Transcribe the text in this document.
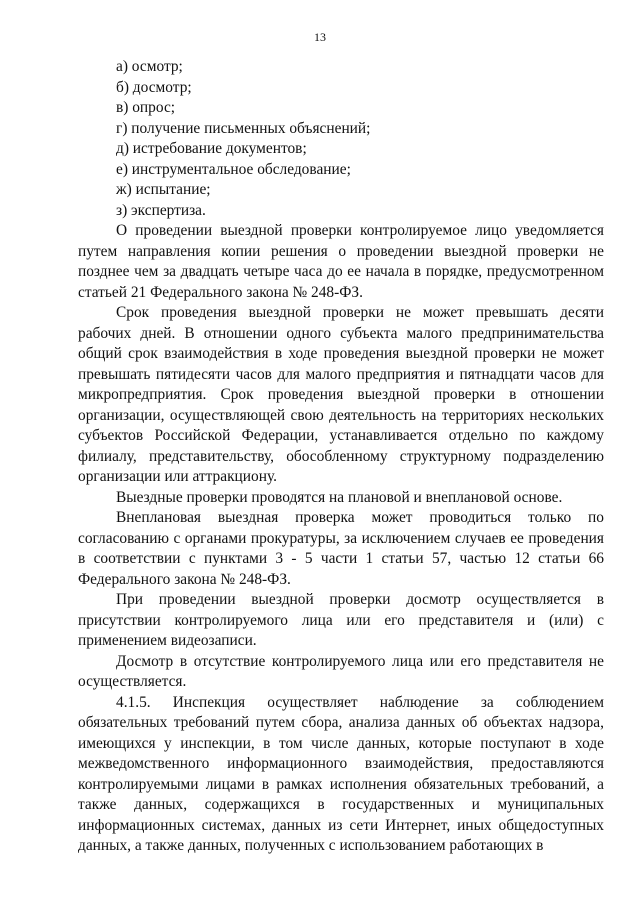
13
а) осмотр;
б) досмотр;
в) опрос;
г) получение письменных объяснений;
д) истребование документов;
е) инструментальное обследование;
ж) испытание;
з) экспертиза.

О проведении выездной проверки контролируемое лицо уведомляется путем направления копии решения о проведении выездной проверки не позднее чем за двадцать четыре часа до ее начала в порядке, предусмотренном статьей 21 Федерального закона № 248-ФЗ.

Срок проведения выездной проверки не может превышать десяти рабочих дней. В отношении одного субъекта малого предпринимательства общий срок взаимодействия в ходе проведения выездной проверки не может превышать пятидесяти часов для малого предприятия и пятнадцати часов для микропредприятия. Срок проведения выездной проверки в отношении организации, осуществляющей свою деятельность на территориях нескольких субъектов Российской Федерации, устанавливается отдельно по каждому филиалу, представительству, обособленному структурному подразделению организации или аттракциону.

Выездные проверки проводятся на плановой и внеплановой основе.

Внеплановая выездная проверка может проводиться только по согласованию с органами прокуратуры, за исключением случаев ее проведения в соответствии с пунктами 3 - 5 части 1 статьи 57, частью 12 статьи 66 Федерального закона № 248-ФЗ.

При проведении выездной проверки досмотр осуществляется в присутствии контролируемого лица или его представителя и (или) с применением видеозаписи.

Досмотр в отсутствие контролируемого лица или его представителя не осуществляется.

4.1.5. Инспекция осуществляет наблюдение за соблюдением обязательных требований путем сбора, анализа данных об объектах надзора, имеющихся у инспекции, в том числе данных, которые поступают в ходе межведомственного информационного взаимодействия, предоставляются контролируемыми лицами в рамках исполнения обязательных требований, а также данных, содержащихся в государственных и муниципальных информационных системах, данных из сети Интернет, иных общедоступных данных, а также данных, полученных с использованием работающих в
